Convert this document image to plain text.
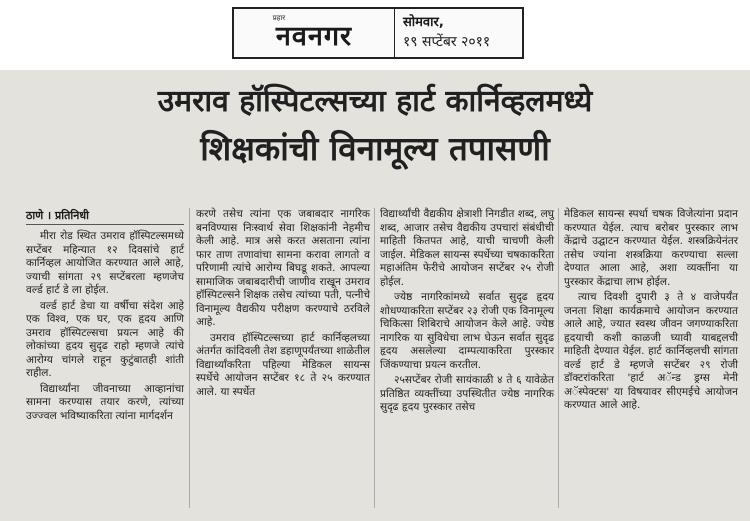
प्रहार
नवनगर	सोमवार,
१९ सप्टेंबर २०११
उमराव हॉस्पिटल्सच्या हार्ट कार्निव्हलमध्ये
शिक्षकांची विनामूल्य तपासणी
ठाणे । प्रतिनिधी

मीरा रोड स्थित उमराव हॉस्पिटल्समध्ये सप्टेंबर महिन्यात १२ दिवसांचे हार्ट कार्निव्हल आयोजित करण्यात आले आहे, ज्याची सांगता २९ सप्टेंबरला म्हणजेच वर्ल्ड हार्ट डे ला होईल.

वर्ल्ड हार्ट डेचा या वर्षीचा संदेश आहे एक विश्व, एक घर, एक हृदय आणि उमराव हॉस्पिटल्सचा प्रयत्न आहे की लोकांच्या हृदय सुदृढ राहो म्हणजे त्यांचे आरोग्य चांगले राहून कुटुंबातही शांती राहील.

विद्यार्थ्यांना जीवनाच्या आव्हानांचा सामना करण्यास तयार करणे, त्यांच्या उज्ज्वल भविष्याकरिता त्यांना मार्गदर्शन

करणे तसेच त्यांना एक जबाबदार नागरिक बनविण्यास निःस्वार्थ सेवा शिक्षकांनी नेहमीच केली आहे. मात्र असे करत असताना त्यांना फार ताण तणावांचा सामना करावा लागतो व परिणामी त्यांचे आरोग्य बिघडू शकते. आपल्या सामाजिक जबाबदारीची जाणीव राखून उमराव हॉस्पिटल्सने शिक्षक तसेच त्यांच्या पती, पत्नीचे विनामूल्य वैद्यकीय परीक्षण करण्याचे ठरविले आहे.

उमराव हॉस्पिटल्सच्या हार्ट कार्निव्हलच्या अंतर्गत कांदिवली तेश डहाणूपर्यंतच्या शाळेतील विद्यार्थ्यांकरिता पहिल्या मेडिकल सायन्स स्पर्धेचे आयोजन सप्टेंबर १८ ते २५ करण्यात आले. या स्पर्धेत

विद्यार्थ्यांची वैद्यकीय क्षेत्राशी निगडीत शब्द, लघु शब्द, आजार तसेच वैद्यकीय उपचारां संबंधीची माहिती कितपत आहे, याची चाचणी केली जाईल. मेडिकल सायन्स स्पर्धेच्या चषकाकरिता महाअंतिम फेरीचे आयोजन सप्टेंबर २५ रोजी होईल.

ज्येष्ठ नागरिकांमध्ये सर्वात सुदृढ हृदय शोधण्याकरिता सप्टेंबर २३ रोजी एक विनामूल्य चिकित्सा शिबिराचे आयोजन केले आहे. ज्येष्ठ नागरिक या सुविधेचा लाभ घेऊन सर्वात सुदृढ हृदय असलेल्या दाम्पत्याकरिता पुरस्कार जिंकण्याचा प्रयत्न करतील.

२५सप्टेंबर रोजी सायंकाळी ४ ते ६ यावेळेत प्रतिष्ठित व्यक्तींच्या उपस्थितीत ज्येष्ठ नागरिक सुदृढ हृदय पुरस्कार तसेच

मेडिकल सायन्स स्पर्धा चषक विजेत्यांना प्रदान करण्यात येईल. त्याच बरोबर पुरस्कार लाभ केंद्राचे उद्घाटन करण्यात येईल. शस्त्रक्रियेनंतर तसेच ज्यांना शस्त्रक्रिया करण्याचा सल्ला देण्यात आला आहे, अशा व्यक्तींना या पुरस्कार केंद्राचा लाभ होईल.

त्याच दिवशी दुपारी ३ ते ४ वाजेपर्यंत जनता शिक्षा कार्यक्रमाचे आयोजन करण्यात आले आहे, ज्यात स्वस्थ जीवन जगण्याकरिता हृदयाची कशी काळजी घ्यावी याबद्दलची माहिती देण्यात येईल. हार्ट कार्निव्हलची सांगता वर्ल्ड हार्ट डे म्हणजे सप्टेंबर २९ रोजी डॉक्टरांकरिता 'हार्ट अॅन्ड ड्रग्स मेनी अॅस्पेक्टस' या विषयावर सीएमईचे आयोजन करण्यात आले आहे.
